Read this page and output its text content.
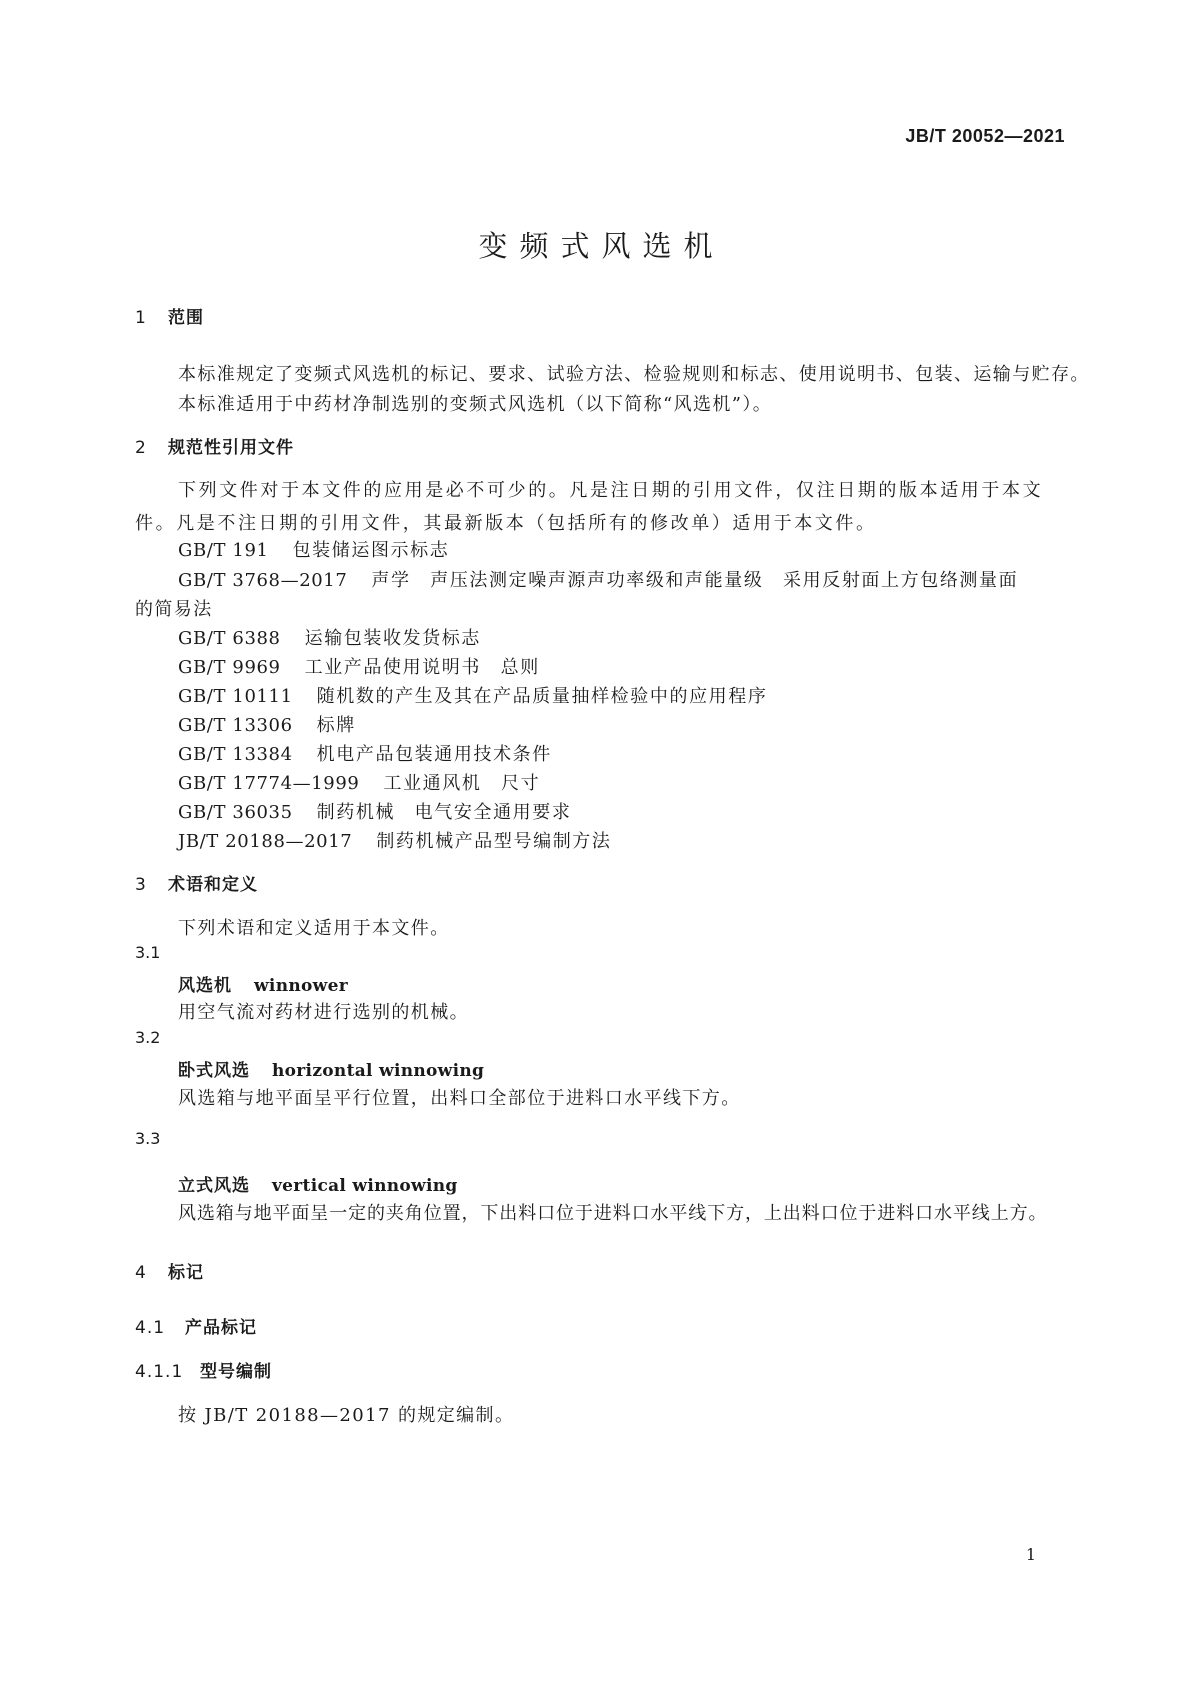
JB/T 20052—2021
变频式风选机
1 范围
本标准规定了变频式风选机的标记、要求、试验方法、检验规则和标志、使用说明书、包装、运输与贮存。
本标准适用于中药材净制选别的变频式风选机（以下简称“风选机”）。
2 规范性引用文件
下列文件对于本文件的应用是必不可少的。凡是注日期的引用文件，仅注日期的版本适用于本文件。凡是不注日期的引用文件，其最新版本（包括所有的修改单）适用于本文件。
GB/T 191 包装储运图示标志
GB/T 3768—2017 声学　声压法测定噪声源声功率级和声能量级　采用反射面上方包络测量面
的简易法
GB/T 6388 运输包装收发货标志
GB/T 9969 工业产品使用说明书　总则
GB/T 10111 随机数的产生及其在产品质量抽样检验中的应用程序
GB/T 13306 标牌
GB/T 13384 机电产品包装通用技术条件
GB/T 17774—1999 工业通风机　尺寸
GB/T 36035 制药机械　电气安全通用要求
JB/T 20188—2017 制药机械产品型号编制方法
3 术语和定义
下列术语和定义适用于本文件。
3.1
风选机 winnower
用空气流对药材进行选别的机械。
3.2
卧式风选 horizontal winnowing
风选箱与地平面呈平行位置，出料口全部位于进料口水平线下方。
3.3
立式风选 vertical winnowing
风选箱与地平面呈一定的夹角位置，下出料口位于进料口水平线下方，上出料口位于进料口水平线上方。
4 标记
4.1 产品标记
4.1.1 型号编制
按 JB/T 20188—2017 的规定编制。
1
